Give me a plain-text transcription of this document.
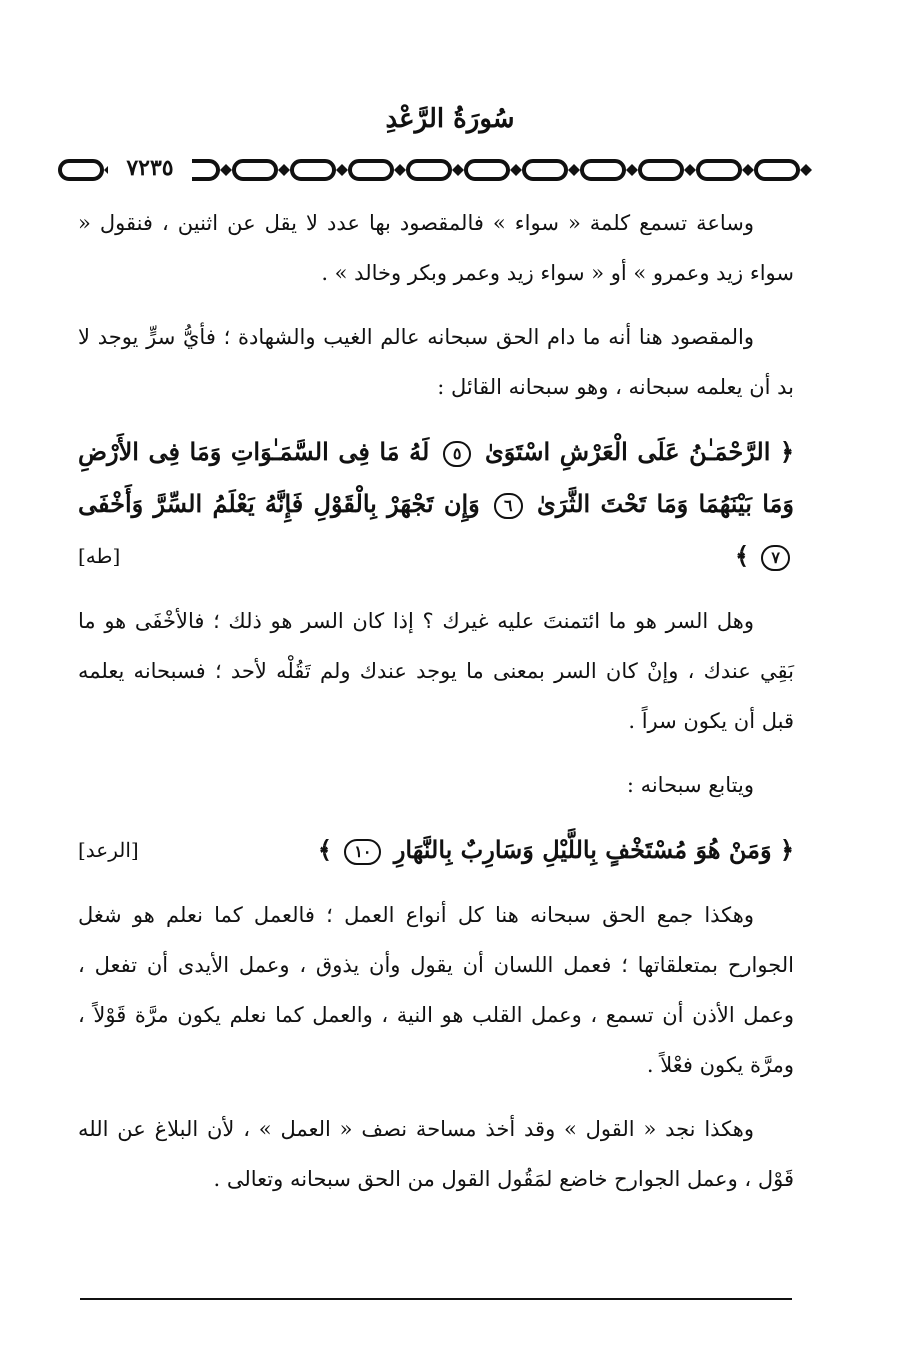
سُورَةُ الرَّعْدِ
٧٢٣٥

وساعة تسمع كلمة « سواء » فالمقصود بها عدد لا يقل عن اثنين ، فنقول « سواء زيد وعمرو » أو « سواء زيد وعمر وبكر وخالد » .

والمقصود هنا أنه ما دام الحق سبحانه عالم الغيب والشهادة ؛ فأيُّ سرٍّ يوجد لا بد أن يعلمه سبحانه ، وهو سبحانه القائل :

﴿ الرَّحْمَـٰنُ عَلَى الْعَرْشِ اسْتَوَىٰ ٥ لَهُ مَا فِى السَّمَـٰوَاتِ وَمَا فِى الأَرْضِ وَمَا بَيْنَهُمَا وَمَا تَحْتَ الثَّرَىٰ ٦ وَإِن تَجْهَرْ بِالْقَوْلِ فَإِنَّهُ يَعْلَمُ السِّرَّ وَأَخْفَى ٧ ﴾
[طه]

وهل السر هو ما ائتمنتَ عليه غيرك ؟ إذا كان السر هو ذلك ؛ فالأخْفَى هو ما بَقِي عندك ، وإنْ كان السر بمعنى ما يوجد عندك ولم تَقُلْه لأحد ؛ فسبحانه يعلمه قبل أن يكون سراً .

ويتابع سبحانه :

﴿ وَمَنْ هُوَ مُسْتَخْفٍ بِاللَّيْلِ وَسَارِبٌ بِالنَّهَارِ ١٠ ﴾
[الرعد]

وهكذا جمع الحق سبحانه هنا كل أنواع العمل ؛ فالعمل كما نعلم هو شغل الجوارح بمتعلقاتها ؛ فعمل اللسان أن يقول وأن يذوق ، وعمل الأيدى أن تفعل ، وعمل الأذن أن تسمع ، وعمل القلب هو النية ، والعمل كما نعلم يكون مرَّة قَوْلاً ، ومرَّة يكون فعْلاً .

وهكذا نجد « القول » وقد أخذ مساحة نصف « العمل » ، لأن البلاغ عن الله قَوْل ، وعمل الجوارح خاضع لمَقُول القول من الحق سبحانه وتعالى .
